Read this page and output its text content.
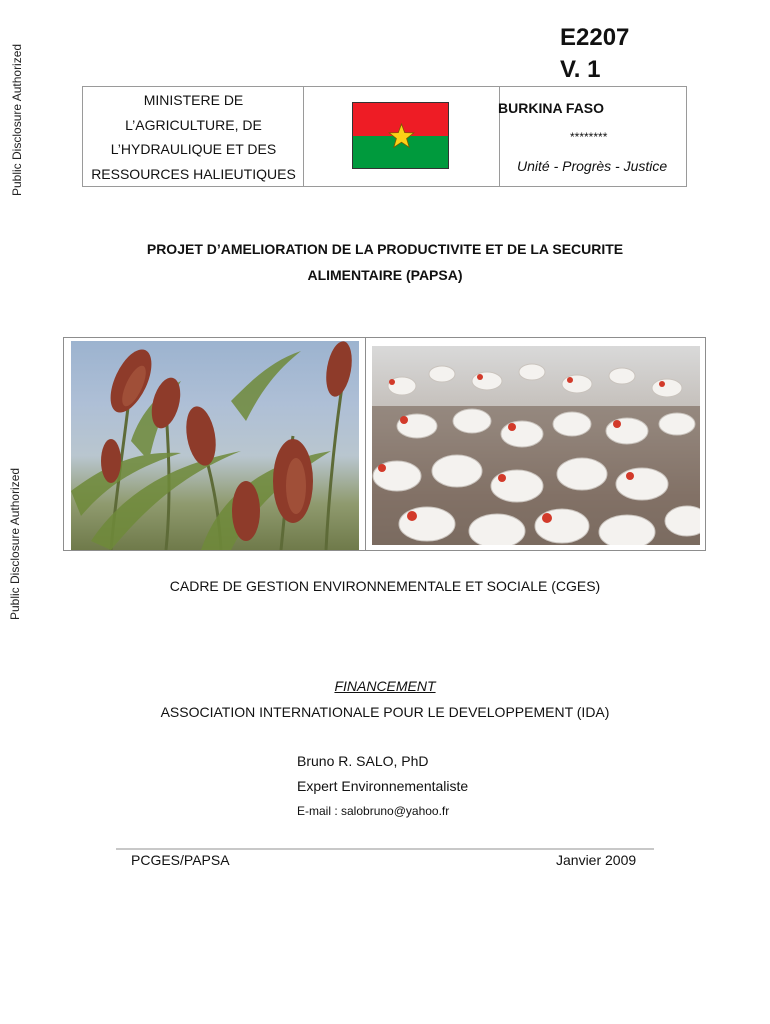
Public Disclosure Authorized
Public Disclosure Authorized
E2207
V. 1
MINISTERE DE
L’AGRICULTURE, DE
L’HYDRAULIQUE ET DES
RESSOURCES HALIEUTIQUES
BURKINA FASO
********
Unité - Progrès - Justice
PROJET D’AMELIORATION DE LA PRODUCTIVITE ET DE LA SECURITE
ALIMENTAIRE (PAPSA)
CADRE DE GESTION ENVIRONNEMENTALE ET SOCIALE (CGES)
FINANCEMENT
ASSOCIATION INTERNATIONALE POUR LE DEVELOPPEMENT (IDA)
Bruno R. SALO, PhD
Expert Environnementaliste
E-mail : salobruno@yahoo.fr
PCGES/PAPSA	Janvier 2009
